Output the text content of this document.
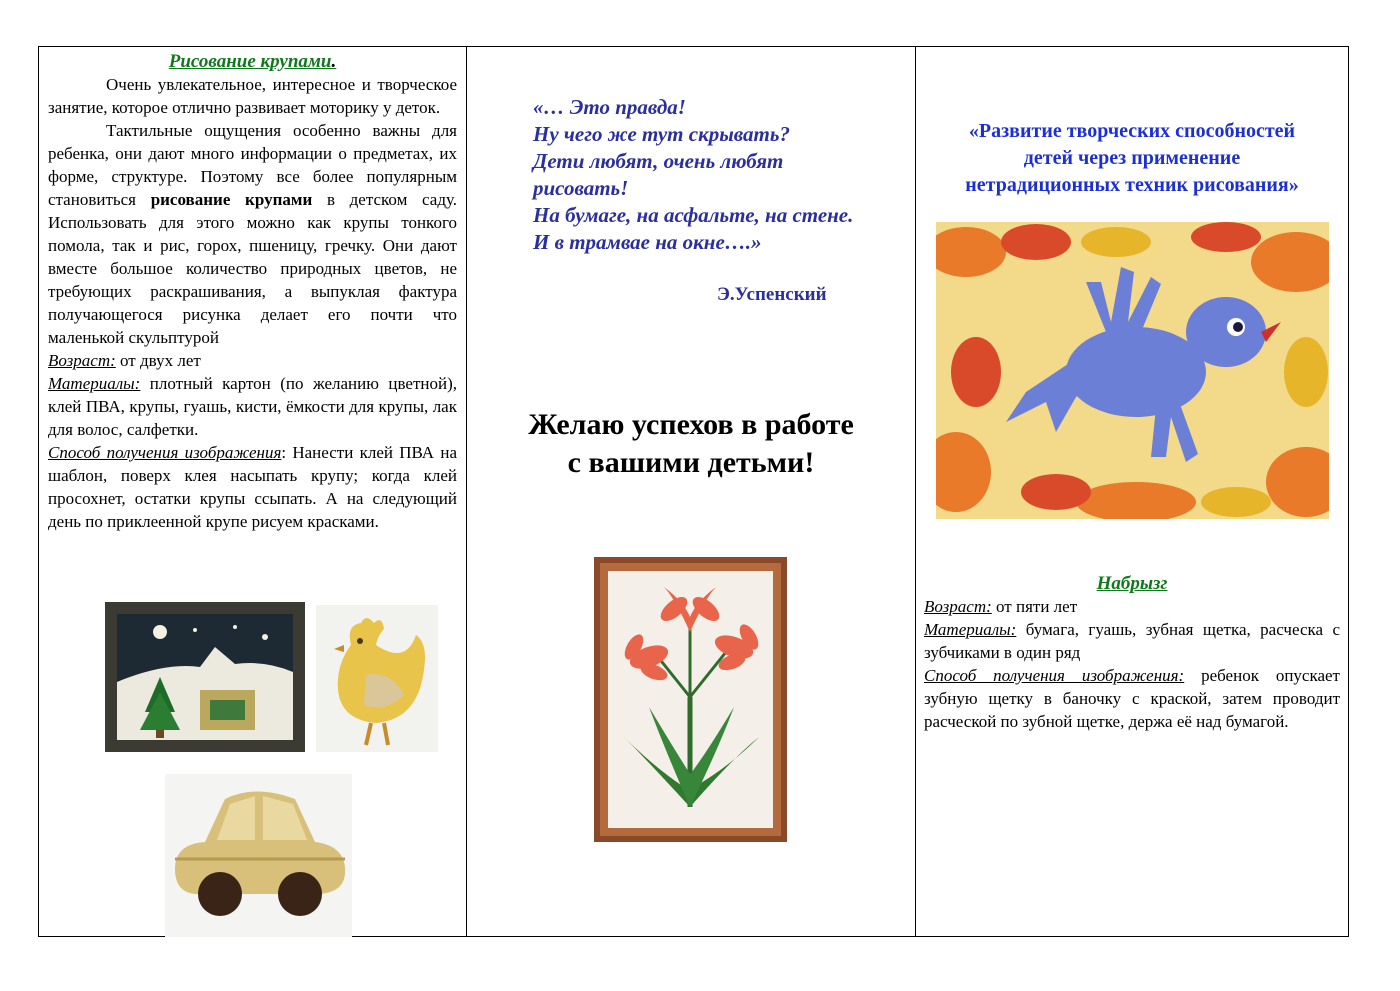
Рисование крупами.

Очень увлекательное, интересное и творческое занятие, которое отлично развивает моторику у деток.

Тактильные ощущения особенно важны для ребенка, они дают много информации о предметах, их форме, структуре. Поэтому все более популярным становиться рисование крупами в детском саду. Использовать для этого можно как крупы тонкого помола, так и рис, горох, пшеницу, гречку. Они дают вместе большое количество природных цветов, не требующих раскрашивания, а выпуклая фактура получающегося рисунка делает его почти что маленькой скульптурой

Возраст: от двух лет

Материалы: плотный картон (по желанию цветной), клей ПВА, крупы, гуашь, кисти, ёмкости для крупы, лак для волос, салфетки.

Способ получения изображения: Нанести клей ПВА на шаблон, поверх клея насыпать крупу; когда клей просохнет, остатки крупы ссыпать. А на следующий день по приклеенной крупе рисуем красками.

«… Это правда!
Ну чего же тут скрывать?
Дети любят, очень любят
рисовать!
На бумаге, на асфальте, на стене.
И в трамвае на окне….»
Э.Успенский
Желаю успехов в работе
с вашими детьми!
«Развитие творческих способностей
детей через применение
нетрадиционных техник рисования»
Набрызг

Возраст: от пяти лет

Материалы: бумага, гуашь, зубная щетка, расческа с зубчиками в один ряд

Способ получения изображения: ребенок опускает зубную щетку в баночку с краской, затем проводит расческой по зубной щетке, держа её над бумагой.
